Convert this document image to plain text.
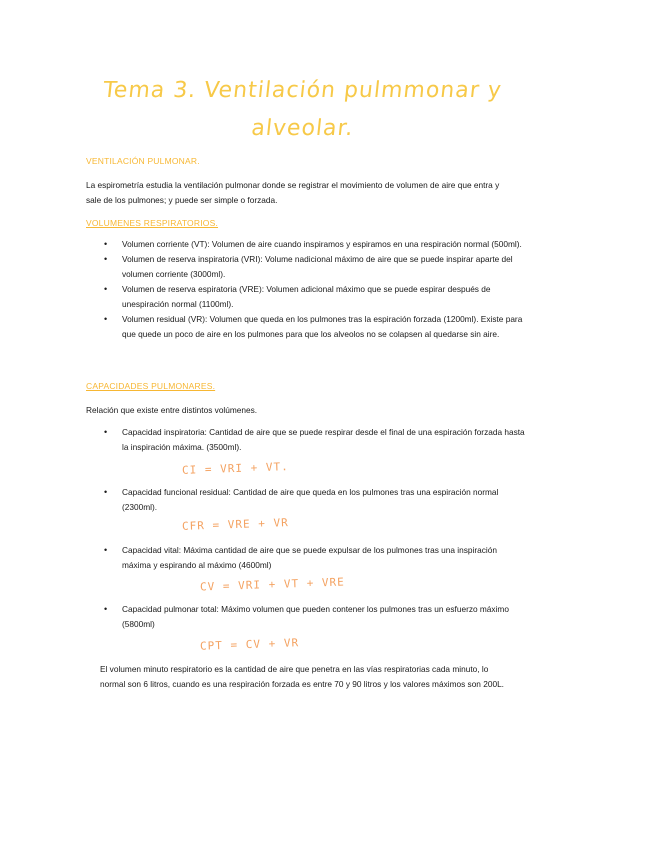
Tema 3. Ventilación pulmmonar y
alveolar.
VENTILACIÓN PULMONAR.
La espirometría estudia la ventilación pulmonar donde se registrar el movimiento de volumen de aire que entra y sale de los pulmones; y puede ser simple o forzada.
VOLUMENES RESPIRATORIOS.
• Volumen corriente (VT): Volumen de aire cuando inspiramos y espiramos en una respiración normal (500ml).
• Volumen de reserva inspiratoria (VRI): Volume nadicional máximo de aire que se puede inspirar aparte del volumen corriente (3000ml).
• Volumen de reserva espiratoria (VRE): Volumen adicional máximo que se puede espirar después de unespiración normal (1100ml).
• Volumen residual (VR): Volumen que queda en los pulmones tras la espiración forzada (1200ml). Existe para que quede un poco de aire en los pulmones para que los alveolos no se colapsen al quedarse sin aire.
CAPACIDADES PULMONARES.
Relación que existe entre distintos volúmenes.
• Capacidad inspiratoria: Cantidad de aire que se puede respirar desde el final de una espiración forzada hasta la inspiración máxima. (3500ml).
CI = VRI + VT.
• Capacidad funcional residual: Cantidad de aire que queda en los pulmones tras una espiración normal (2300ml).
CFR = VRE + VR
• Capacidad vital: Máxima cantidad de aire que se puede expulsar de los pulmones tras una inspiración máxima y espirando al máximo (4600ml)
CV = VRI + VT + VRE
• Capacidad pulmonar total: Máximo volumen que pueden contener los pulmones tras un esfuerzo máximo (5800ml)
CPT = CV + VR
El volumen minuto respiratorio es la cantidad de aire que penetra en las vías respiratorias cada minuto, lo normal son 6 litros, cuando es una respiración forzada es entre 70 y 90 litros y los valores máximos son 200L.
